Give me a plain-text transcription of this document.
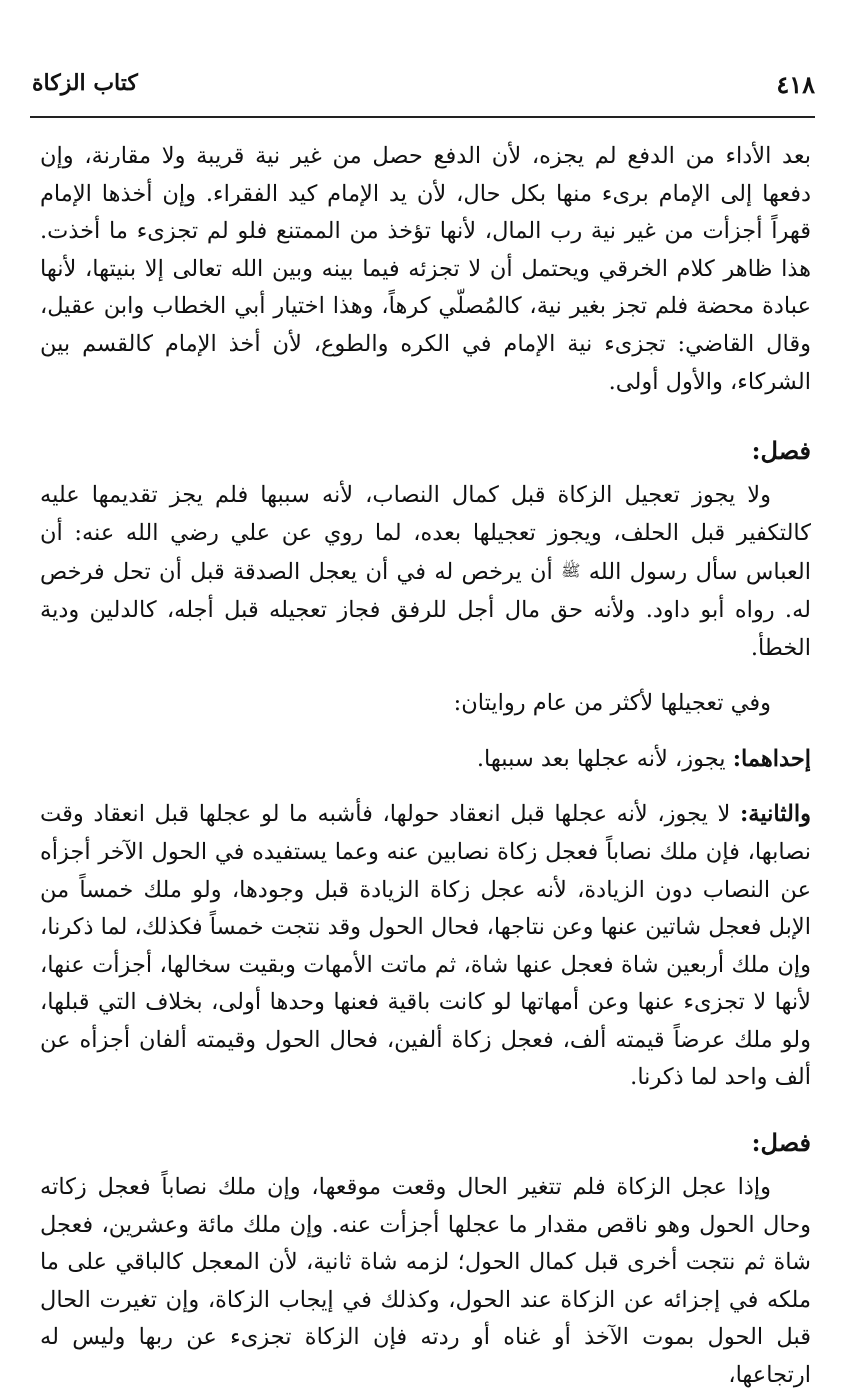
٤١٨
كتاب الزكاة

بعد الأداء من الدفع لم يجزه، لأن الدفع حصل من غير نية قريبة ولا مقارنة، وإن دفعها إلى الإمام برىء منها بكل حال، لأن يد الإمام كيد الفقراء. وإن أخذها الإمام قهراً أجزأت من غير نية رب المال، لأنها تؤخذ من الممتنع فلو لم تجزىء ما أخذت. هذا ظاهر كلام الخرقي ويحتمل أن لا تجزئه فيما بينه وبين الله تعالى إلا بنيتها، لأنها عبادة محضة فلم تجز بغير نية، كالمُصلّي كرهاً، وهذا اختيار أبي الخطاب وابن عقيل، وقال القاضي: تجزىء نية الإمام في الكره والطوع، لأن أخذ الإمام كالقسم بين الشركاء، والأول أولى.

فصل:

ولا يجوز تعجيل الزكاة قبل كمال النصاب، لأنه سببها فلم يجز تقديمها عليه كالتكفير قبل الحلف، ويجوز تعجيلها بعده، لما روي عن علي رضي الله عنه: أن العباس سأل رسول الله ﷺ أن يرخص له في أن يعجل الصدقة قبل أن تحل فرخص له. رواه أبو داود. ولأنه حق مال أجل للرفق فجاز تعجيله قبل أجله، كالدلين ودية الخطأ.

وفي تعجيلها لأكثر من عام روايتان:

إحداهما: يجوز، لأنه عجلها بعد سببها.

والثانية: لا يجوز، لأنه عجلها قبل انعقاد حولها، فأشبه ما لو عجلها قبل انعقاد وقت نصابها، فإن ملك نصاباً فعجل زكاة نصابين عنه وعما يستفيده في الحول الآخر أجزأه عن النصاب دون الزيادة، لأنه عجل زكاة الزيادة قبل وجودها، ولو ملك خمساً من الإبل فعجل شاتين عنها وعن نتاجها، فحال الحول وقد نتجت خمساً فكذلك، لما ذكرنا، وإن ملك أربعين شاة فعجل عنها شاة، ثم ماتت الأمهات وبقيت سخالها، أجزأت عنها، لأنها لا تجزىء عنها وعن أمهاتها لو كانت باقية فعنها وحدها أولى، بخلاف التي قبلها، ولو ملك عرضاً قيمته ألف، فعجل زكاة ألفين، فحال الحول وقيمته ألفان أجزأه عن ألف واحد لما ذكرنا.

فصل:

وإذا عجل الزكاة فلم تتغير الحال وقعت موقعها، وإن ملك نصاباً فعجل زكاته وحال الحول وهو ناقص مقدار ما عجلها أجزأت عنه. وإن ملك مائة وعشرين، فعجل شاة ثم نتجت أخرى قبل كمال الحول؛ لزمه شاة ثانية، لأن المعجل كالباقي على ما ملكه في إجزائه عن الزكاة عند الحول، وكذلك في إيجاب الزكاة، وإن تغيرت الحال قبل الحول بموت الآخذ أو غناه أو ردته فإن الزكاة تجزىء عن ربها وليس له ارتجاعها،
